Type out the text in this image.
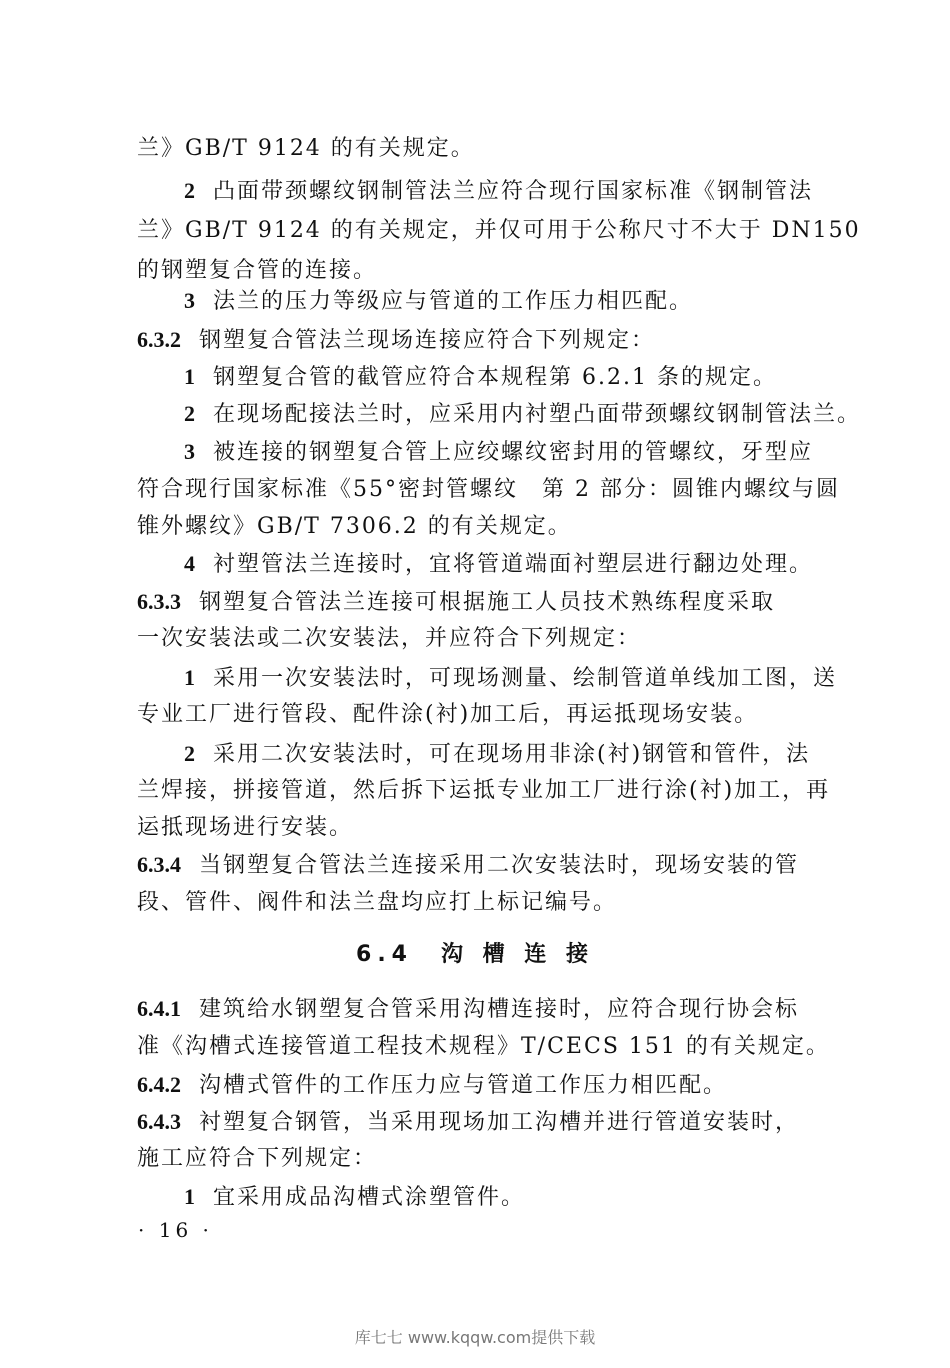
兰》GB/T 9124 的有关规定。
2 凸面带颈螺纹钢制管法兰应符合现行国家标准《钢制管法
兰》GB/T 9124 的有关规定，并仅可用于公称尺寸不大于 DN150
的钢塑复合管的连接。
3 法兰的压力等级应与管道的工作压力相匹配。
6.3.2 钢塑复合管法兰现场连接应符合下列规定：
1 钢塑复合管的截管应符合本规程第 6.2.1 条的规定。
2 在现场配接法兰时，应采用内衬塑凸面带颈螺纹钢制管法兰。
3 被连接的钢塑复合管上应绞螺纹密封用的管螺纹，牙型应
符合现行国家标准《55°密封管螺纹　第 2 部分：圆锥内螺纹与圆
锥外螺纹》GB/T 7306.2 的有关规定。
4 衬塑管法兰连接时，宜将管道端面衬塑层进行翻边处理。
6.3.3 钢塑复合管法兰连接可根据施工人员技术熟练程度采取
一次安装法或二次安装法，并应符合下列规定：
1 采用一次安装法时，可现场测量、绘制管道单线加工图，送
专业工厂进行管段、配件涂(衬)加工后，再运抵现场安装。
2 采用二次安装法时，可在现场用非涂(衬)钢管和管件，法
兰焊接，拼接管道，然后拆下运抵专业加工厂进行涂(衬)加工，再
运抵现场进行安装。
6.3.4 当钢塑复合管法兰连接采用二次安装法时，现场安装的管
段、管件、阀件和法兰盘均应打上标记编号。
6.4　沟 槽 连 接
6.4.1 建筑给水钢塑复合管采用沟槽连接时，应符合现行协会标
准《沟槽式连接管道工程技术规程》T/CECS 151 的有关规定。
6.4.2 沟槽式管件的工作压力应与管道工作压力相匹配。
6.4.3 衬塑复合钢管，当采用现场加工沟槽并进行管道安装时，
施工应符合下列规定：
1 宜采用成品沟槽式涂塑管件。
· 16 ·
库七七 www.kqqw.com提供下载
